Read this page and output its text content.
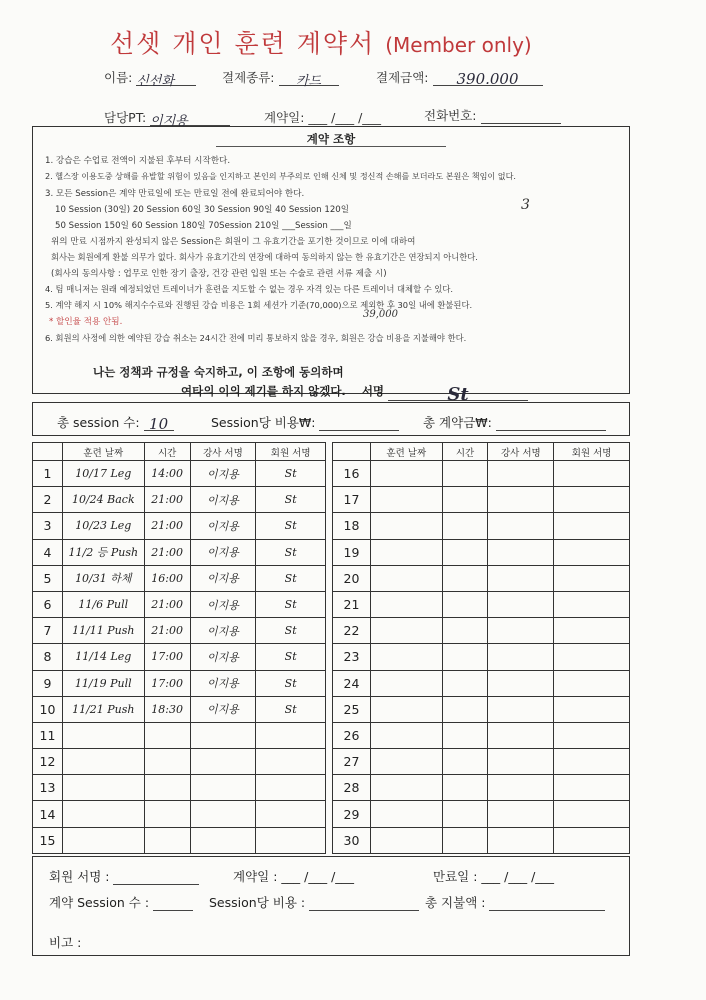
선셋 개인 훈련 계약서 (Member only)
이름: 신선화	결제종류: 카드	결제금액: 390.000
담당PT: 이지용	계약일: ___ /___ /___	전화번호:
계약 조항
1. 강습은 수업료 전액이 지불된 후부터 시작한다.
2. 헬스장 이용도중 상해를 유발할 위험이 있음을 인지하고 본인의 부주의로 인해 신체 및 정신적 손해를 보더라도 본원은 책임이 없다.
3. 모든 Session은 계약 만료일에 또는 만료일 전에 완료되어야 한다.
10 Session (30일) 20 Session 60일 30 Session 90일 40 Session 120일	3
50 Session 150일 60 Session 180일 70Session 210일 ___Session ___일
위의 만료 시점까지 완성되지 않은 Session은 회원이 그 유효기간을 포기한 것이므로 이에 대하여
회사는 회원에게 환불 의무가 없다. 회사가 유효기간의 연장에 대하여 동의하지 않는 한 유효기간은 연장되지 아니한다.
(회사의 동의사항 : 업무로 인한 장기 출장, 건강 관련 입원 또는 수술로 관련 서류 제출 시)
4. 팀 매니저는 원래 예정되었던 트레이너가 훈련을 지도할 수 없는 경우 자격 있는 다른 트레이너 대체할 수 있다.
5. 계약 해지 시 10% 해지수수료와 진행된 강습 비용은 1회 세션가 기준(70,000)으로 제외한 후 30일 내에 환불된다.
39,000
* 할인율 적용 안됨.
6. 회원의 사정에 의한 예약된 강습 취소는 24시간 전에 미리 통보하지 않을 경우, 회원은 강습 비용을 지불해야 한다.
나는 정책과 규정을 숙지하고, 이 조항에 동의하며
여타의 이의 제기를 하지 않겠다. 서명	St
총 session 수: 10	Session당 비용₩:	총 계약금₩:
	훈련 날짜	시간	강사 서명	회원 서명
1	10/17 Leg	14:00	이지용	St
2	10/24 Back	21:00	이지용	St
3	10/23 Leg	21:00	이지용	St
4	11/2 등 Push	21:00	이지용	St
5	10/31 하체	16:00	이지용	St
6	11/6 Pull	21:00	이지용	St
7	11/11 Push	21:00	이지용	St
8	11/14 Leg	17:00	이지용	St
9	11/19 Pull	17:00	이지용	St
10	11/21 Push	18:30	이지용	St
11				
12				
13				
14				
15				
	훈련 날짜	시간	강사 서명	회원 서명
16				
17				
18				
19				
20				
21				
22				
23				
24				
25				
26				
27				
28				
29				
30				
회원 서명 :	계약일 : ___ /___ /___	만료일 : ___ /___ /___
계약 Session 수 :	Session당 비용 :	총 지불액 :
비고 :
